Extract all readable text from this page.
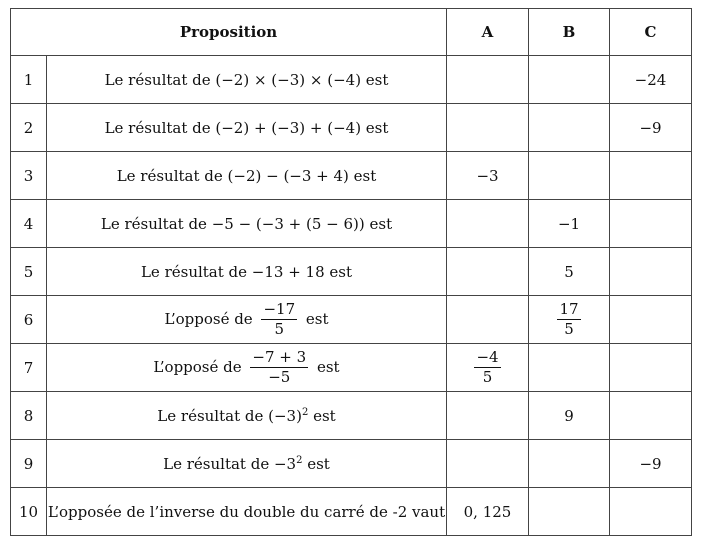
Proposition		A	B	C
1	Le résultat de (−2) × (−3) × (−4) est			−24
2	Le résultat de (−2) + (−3) + (−4) est			−9
3	Le résultat de (−2) − (−3 + 4) est	−3		
4	Le résultat de −5 − (−3 + (5 − 6)) est		−1	
5	Le résultat de −13 + 18 est		5	
6	L’opposé de $\frac{-17}{5}$ est		$\frac{17}{5}$

7	L’opposé de $\frac{-7 + 3}{-5}$ est	$\frac{-4}{5}$

8	Le résultat de $(-3)^2$ est		9	
9	Le résultat de $-3^2$ est			−9
10	L’opposée de l’inverse du double du carré de -2 vaut	0, 125		
